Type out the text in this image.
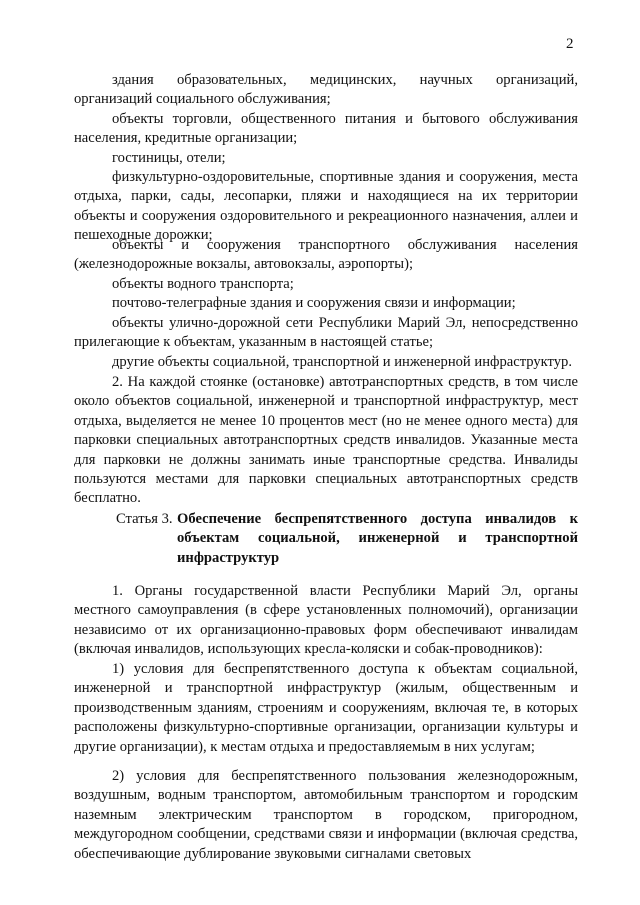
2

здания образовательных, медицинских, научных организаций, организаций социального обслуживания;

объекты торговли, общественного питания и бытового обслуживания населения, кредитные организации;

гостиницы, отели;

физкультурно-оздоровительные, спортивные здания и сооружения, места отдыха, парки, сады, лесопарки, пляжи и находящиеся на их территории объекты и сооружения оздоровительного и рекреационного назначения, аллеи и пешеходные дорожки;

объекты и сооружения транспортного обслуживания населения (железнодорожные вокзалы, автовокзалы, аэропорты);

объекты водного транспорта;

почтово-телеграфные здания и сооружения связи и информации;

объекты улично-дорожной сети Республики Марий Эл, непосредственно прилегающие к объектам, указанным в настоящей статье;

другие объекты социальной, транспортной и инженерной инфраструктур.

2. На каждой стоянке (остановке) автотранспортных средств, в том числе около объектов социальной, инженерной и транспортной инфраструктур, мест отдыха, выделяется не менее 10 процентов мест (но не менее одного места) для парковки специальных автотранспортных средств инвалидов. Указанные места для парковки не должны занимать иные транспортные средства. Инвалиды пользуются местами для парковки специальных автотранспортных средств бесплатно.

Статья 3. Обеспечение беспрепятственного доступа инвалидов к объектам социальной, инженерной и транспортной инфраструктур

1. Органы государственной власти Республики Марий Эл, органы местного самоуправления (в сфере установленных полномочий), организации независимо от их организационно-правовых форм обеспечивают инвалидам (включая инвалидов, использующих кресла-коляски и собак-проводников):

1) условия для беспрепятственного доступа к объектам социальной, инженерной и транспортной инфраструктур (жилым, общественным и производственным зданиям, строениям и сооружениям, включая те, в которых расположены физкультурно-спортивные организации, организации культуры и другие организации), к местам отдыха и предоставляемым в них услугам;

2) условия для беспрепятственного пользования железнодорожным, воздушным, водным транспортом, автомобильным транспортом и городским наземным электрическим транспортом в городском, пригородном, междугородном сообщении, средствами связи и информации (включая средства, обеспечивающие дублирование звуковыми сигналами световых
